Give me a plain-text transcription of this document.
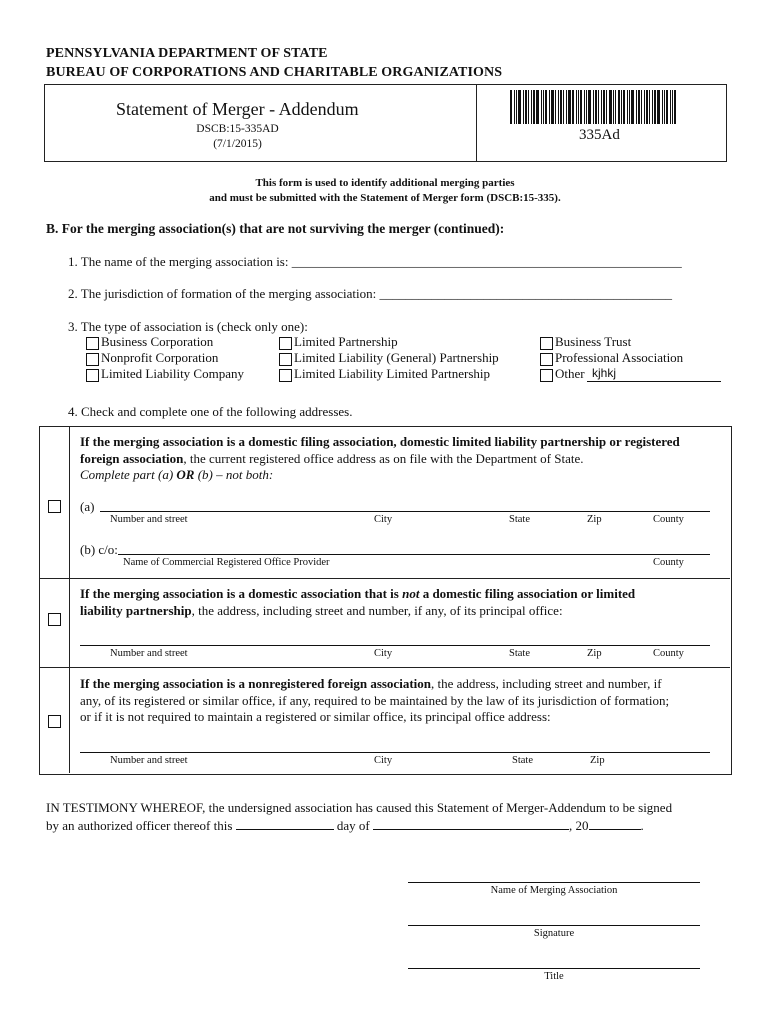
PENNSYLVANIA DEPARTMENT OF STATE
BUREAU OF CORPORATIONS AND CHARITABLE ORGANIZATIONS
Statement of Merger - Addendum
DSCB:15-335AD
(7/1/2015)
335Ad
This form is used to identify additional merging parties
and must be submitted with the Statement of Merger form (DSCB:15-335).
B. For the merging association(s) that are not surviving the merger (continued):
1. The name of the merging association is: ____________________________________________________________
2. The jurisdiction of formation of the merging association: _____________________________________________
3. The type of association is (check only one):
Business Corporation
Nonprofit Corporation
Limited Liability Company
Limited Partnership
Limited Liability (General) Partnership
Limited Liability Limited Partnership
Business Trust
Professional Association
Other kjhkj
4. Check and complete one of the following addresses.
If the merging association is a domestic filing association, domestic limited liability partnership or registered
foreign association, the current registered office address as on file with the Department of State.
Complete part (a) OR (b) – not both:
(a)
Number and street	City	State	Zip	County
(b) c/o:
Name of Commercial Registered Office Provider	County
If the merging association is a domestic association that is not a domestic filing association or limited
liability partnership, the address, including street and number, if any, of its principal office:
Number and street	City	State	Zip	County
If the merging association is a nonregistered foreign association, the address, including street and number, if
any, of its registered or similar office, if any, required to be maintained by the law of its jurisdiction of formation;
or if it is not required to maintain a registered or similar office, its principal office address:
Number and street	City	State	Zip
IN TESTIMONY WHEREOF, the undersigned association has caused this Statement of Merger-Addendum to be signed
by an authorized officer thereof this	day of	, 20	.
Name of Merging Association
Signature
Title
